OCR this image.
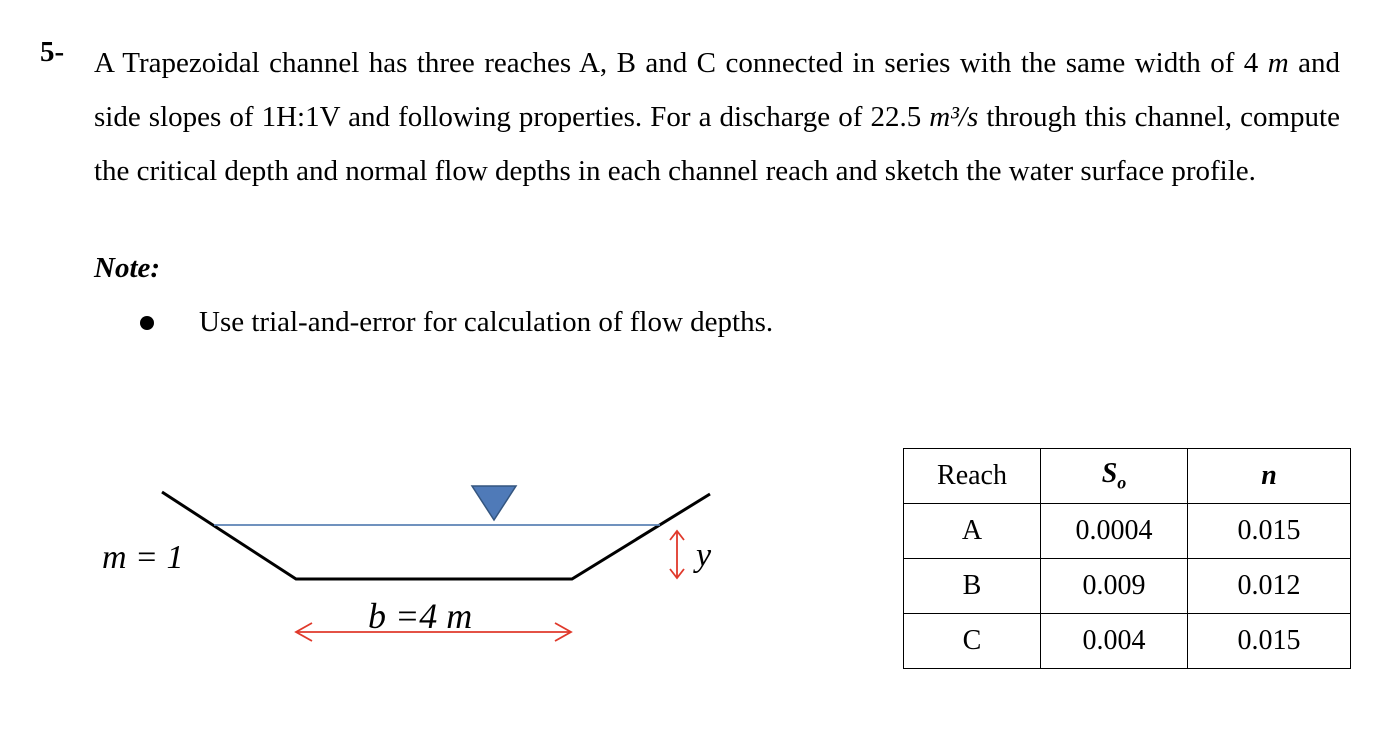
5- A Trapezoidal channel has three reaches A, B and C connected in series with the same width of 4 m and side slopes of 1H:1V and following properties. For a discharge of 22.5 m³/s through this channel, compute the critical depth and normal flow depths in each channel reach and sketch the water surface profile.
Note:
Use trial-and-error for calculation of flow depths.
y
m = 1
b =4 m
Reach	$S_o$	n
A	0.0004	0.015
B	0.009	0.012
C	0.004	0.015
